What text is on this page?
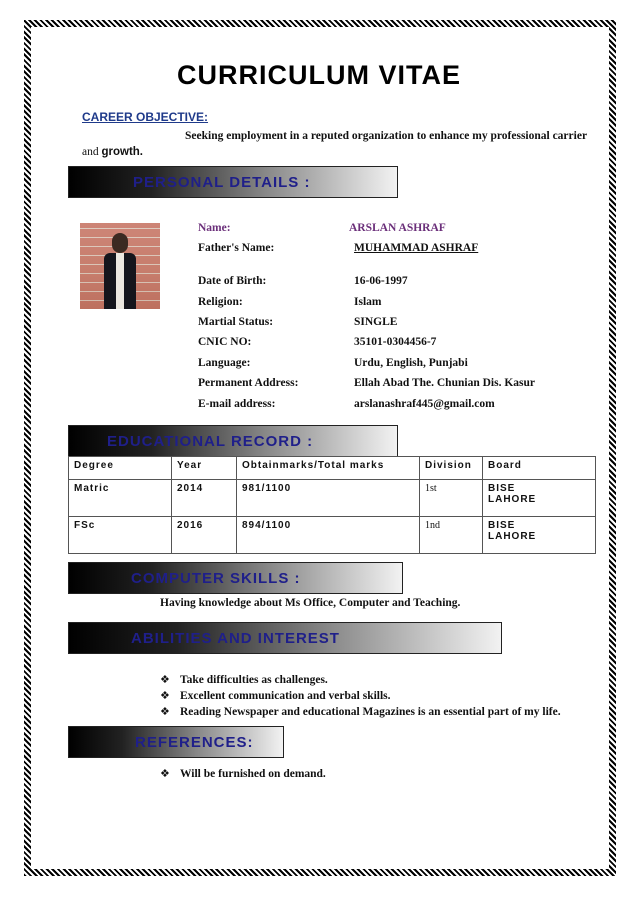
CURRICULUM VITAE
CAREER OBJECTIVE:
Seeking employment in a reputed organization to enhance my professional carrier
and growth.
PERSONAL DETAILS :
Name:	ARSLAN ASHRAF
Father's Name:	MUHAMMAD ASHRAF
Date of Birth:	16-06-1997
Religion:	Islam
Martial Status:	SINGLE
CNIC NO:	35101-0304456-7
Language:	Urdu, English, Punjabi
Permanent Address:	Ellah Abad The. Chunian Dis. Kasur
E-mail address:	arslanashraf445@gmail.com
EDUCATIONAL RECORD :
Degree	Year	Obtainmarks/Total marks	Division	Board
Matric	2014	981/1100	1st	BISE
LAHORE

FSc	2016	894/1100	1nd	BISE
LAHORE
COMPUTER SKILLS :
Having knowledge about Ms Office, Computer and Teaching.
ABILITIES AND INTEREST
❖ Take difficulties as challenges.
❖ Excellent communication and verbal skills.
❖ Reading Newspaper and educational Magazines is an essential part of my life.
REFERENCES:
❖ Will be furnished on demand.
